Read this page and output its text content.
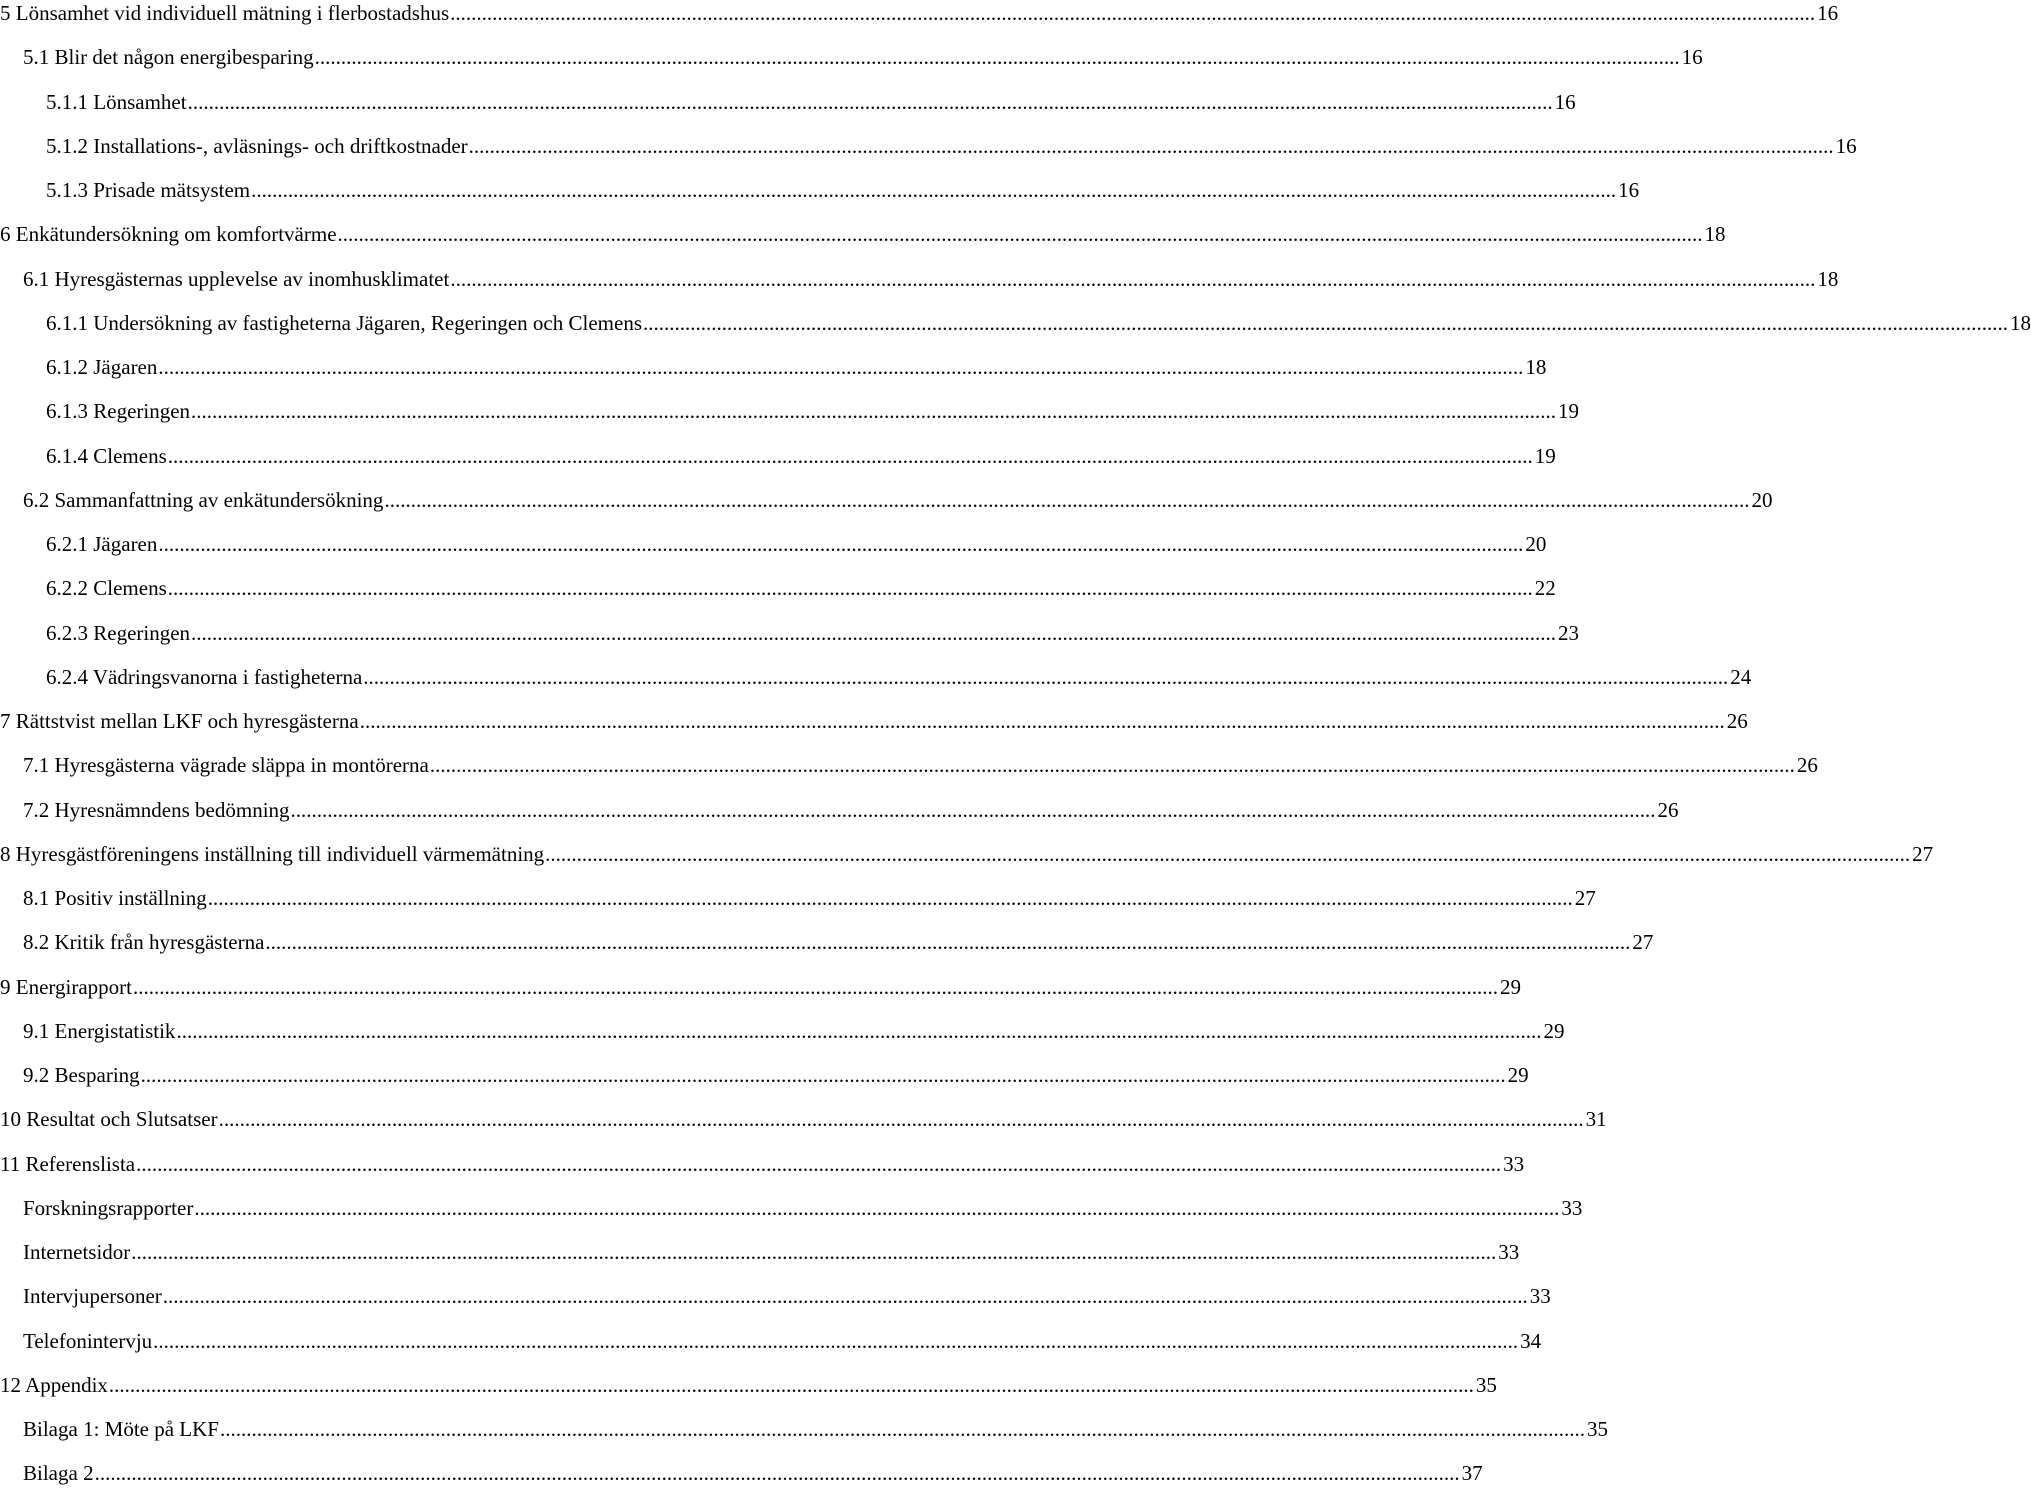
5 Lönsamhet vid individuell mätning i flerbostadshus .................................................................................................................................................................................................................................................................... 16
5.1 Blir det någon energibesparing .................................................................................................................................................................................................................................................................... 16
5.1.1 Lönsamhet .................................................................................................................................................................................................................................................................... 16
5.1.2 Installations-, avläsnings- och driftkostnader .................................................................................................................................................................................................................................................................... 16
5.1.3 Prisade mätsystem .................................................................................................................................................................................................................................................................... 16
6 Enkätundersökning om komfortvärme .................................................................................................................................................................................................................................................................... 18
6.1 Hyresgästernas upplevelse av inomhusklimatet .................................................................................................................................................................................................................................................................... 18
6.1.1 Undersökning av fastigheterna Jägaren, Regeringen och Clemens .................................................................................................................................................................................................................................................................... 18
6.1.2 Jägaren .................................................................................................................................................................................................................................................................... 18
6.1.3 Regeringen .................................................................................................................................................................................................................................................................... 19
6.1.4 Clemens .................................................................................................................................................................................................................................................................... 19
6.2 Sammanfattning av enkätundersökning .................................................................................................................................................................................................................................................................... 20
6.2.1 Jägaren .................................................................................................................................................................................................................................................................... 20
6.2.2 Clemens .................................................................................................................................................................................................................................................................... 22
6.2.3 Regeringen .................................................................................................................................................................................................................................................................... 23
6.2.4 Vädringsvanorna i fastigheterna .................................................................................................................................................................................................................................................................... 24
7 Rättstvist mellan LKF och hyresgästerna .................................................................................................................................................................................................................................................................... 26
7.1 Hyresgästerna vägrade släppa in montörerna .................................................................................................................................................................................................................................................................... 26
7.2 Hyresnämndens bedömning .................................................................................................................................................................................................................................................................... 26
8 Hyresgästföreningens inställning till individuell värmemätning .................................................................................................................................................................................................................................................................... 27
8.1 Positiv inställning .................................................................................................................................................................................................................................................................... 27
8.2 Kritik från hyresgästerna .................................................................................................................................................................................................................................................................... 27
9 Energirapport .................................................................................................................................................................................................................................................................... 29
9.1 Energistatistik .................................................................................................................................................................................................................................................................... 29
9.2 Besparing .................................................................................................................................................................................................................................................................... 29
10 Resultat och Slutsatser .................................................................................................................................................................................................................................................................... 31
11 Referenslista .................................................................................................................................................................................................................................................................... 33
Forskningsrapporter .................................................................................................................................................................................................................................................................... 33
Internetsidor .................................................................................................................................................................................................................................................................... 33
Intervjupersoner .................................................................................................................................................................................................................................................................... 33
Telefonintervju .................................................................................................................................................................................................................................................................... 34
12 Appendix .................................................................................................................................................................................................................................................................... 35
Bilaga 1: Möte på LKF .................................................................................................................................................................................................................................................................... 35
Bilaga 2 .................................................................................................................................................................................................................................................................... 37
